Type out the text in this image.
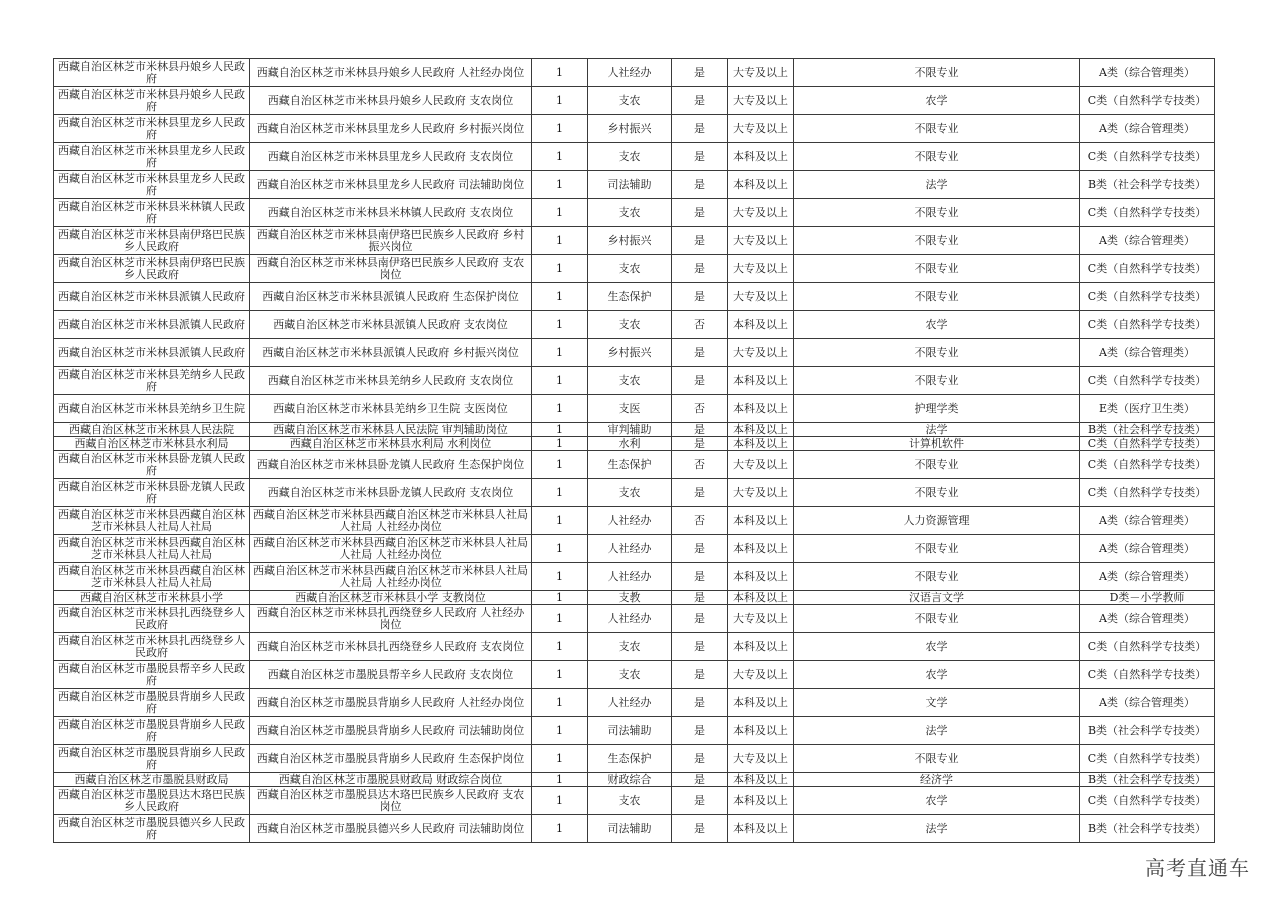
西藏自治区林芝市米林县丹娘乡人民政府	西藏自治区林芝市米林县丹娘乡人民政府 人社经办岗位	1	人社经办	是	大专及以上	不限专业	A类（综合管理类）
西藏自治区林芝市米林县丹娘乡人民政府	西藏自治区林芝市米林县丹娘乡人民政府 支农岗位	1	支农	是	大专及以上	农学	C类（自然科学专技类）
西藏自治区林芝市米林县里龙乡人民政府	西藏自治区林芝市米林县里龙乡人民政府 乡村振兴岗位	1	乡村振兴	是	大专及以上	不限专业	A类（综合管理类）
西藏自治区林芝市米林县里龙乡人民政府	西藏自治区林芝市米林县里龙乡人民政府 支农岗位	1	支农	是	本科及以上	不限专业	C类（自然科学专技类）
西藏自治区林芝市米林县里龙乡人民政府	西藏自治区林芝市米林县里龙乡人民政府 司法辅助岗位	1	司法辅助	是	本科及以上	法学	B类（社会科学专技类）
西藏自治区林芝市米林县米林镇人民政府	西藏自治区林芝市米林县米林镇人民政府 支农岗位	1	支农	是	大专及以上	不限专业	C类（自然科学专技类）
西藏自治区林芝市米林县南伊珞巴民族乡人民政府	西藏自治区林芝市米林县南伊珞巴民族乡人民政府 乡村振兴岗位	1	乡村振兴	是	大专及以上	不限专业	A类（综合管理类）
西藏自治区林芝市米林县南伊珞巴民族乡人民政府	西藏自治区林芝市米林县南伊珞巴民族乡人民政府 支农岗位	1	支农	是	大专及以上	不限专业	C类（自然科学专技类）
西藏自治区林芝市米林县派镇人民政府	西藏自治区林芝市米林县派镇人民政府 生态保护岗位	1	生态保护	是	大专及以上	不限专业	C类（自然科学专技类）
西藏自治区林芝市米林县派镇人民政府	西藏自治区林芝市米林县派镇人民政府 支农岗位	1	支农	否	本科及以上	农学	C类（自然科学专技类）
西藏自治区林芝市米林县派镇人民政府	西藏自治区林芝市米林县派镇人民政府 乡村振兴岗位	1	乡村振兴	是	大专及以上	不限专业	A类（综合管理类）
西藏自治区林芝市米林县羌纳乡人民政府	西藏自治区林芝市米林县羌纳乡人民政府 支农岗位	1	支农	是	本科及以上	不限专业	C类（自然科学专技类）
西藏自治区林芝市米林县羌纳乡卫生院	西藏自治区林芝市米林县羌纳乡卫生院 支医岗位	1	支医	否	本科及以上	护理学类	E类（医疗卫生类）
西藏自治区林芝市米林县人民法院	西藏自治区林芝市米林县人民法院 审判辅助岗位	1	审判辅助	是	本科及以上	法学	B类（社会科学专技类）
西藏自治区林芝市米林县水利局	西藏自治区林芝市米林县水利局 水利岗位	1	水利	是	本科及以上	计算机软件	C类（自然科学专技类）
西藏自治区林芝市米林县卧龙镇人民政府	西藏自治区林芝市米林县卧龙镇人民政府 生态保护岗位	1	生态保护	否	大专及以上	不限专业	C类（自然科学专技类）
西藏自治区林芝市米林县卧龙镇人民政府	西藏自治区林芝市米林县卧龙镇人民政府 支农岗位	1	支农	是	大专及以上	不限专业	C类（自然科学专技类）
西藏自治区林芝市米林县西藏自治区林芝市米林县人社局人社局	西藏自治区林芝市米林县西藏自治区林芝市米林县人社局人社局 人社经办岗位	1	人社经办	否	本科及以上	人力资源管理	A类（综合管理类）
西藏自治区林芝市米林县西藏自治区林芝市米林县人社局人社局	西藏自治区林芝市米林县西藏自治区林芝市米林县人社局人社局 人社经办岗位	1	人社经办	是	本科及以上	不限专业	A类（综合管理类）
西藏自治区林芝市米林县西藏自治区林芝市米林县人社局人社局	西藏自治区林芝市米林县西藏自治区林芝市米林县人社局人社局 人社经办岗位	1	人社经办	是	本科及以上	不限专业	A类（综合管理类）
西藏自治区林芝市米林县小学	西藏自治区林芝市米林县小学 支教岗位	1	支教	是	本科及以上	汉语言文学	D类－小学教师
西藏自治区林芝市米林县扎西绕登乡人民政府	西藏自治区林芝市米林县扎西绕登乡人民政府 人社经办岗位	1	人社经办	是	大专及以上	不限专业	A类（综合管理类）
西藏自治区林芝市米林县扎西绕登乡人民政府	西藏自治区林芝市米林县扎西绕登乡人民政府 支农岗位	1	支农	是	本科及以上	农学	C类（自然科学专技类）
西藏自治区林芝市墨脱县帮辛乡人民政府	西藏自治区林芝市墨脱县帮辛乡人民政府 支农岗位	1	支农	是	大专及以上	农学	C类（自然科学专技类）
西藏自治区林芝市墨脱县背崩乡人民政府	西藏自治区林芝市墨脱县背崩乡人民政府 人社经办岗位	1	人社经办	是	本科及以上	文学	A类（综合管理类）
西藏自治区林芝市墨脱县背崩乡人民政府	西藏自治区林芝市墨脱县背崩乡人民政府 司法辅助岗位	1	司法辅助	是	本科及以上	法学	B类（社会科学专技类）
西藏自治区林芝市墨脱县背崩乡人民政府	西藏自治区林芝市墨脱县背崩乡人民政府 生态保护岗位	1	生态保护	是	大专及以上	不限专业	C类（自然科学专技类）
西藏自治区林芝市墨脱县财政局	西藏自治区林芝市墨脱县财政局 财政综合岗位	1	财政综合	是	本科及以上	经济学	B类（社会科学专技类）
西藏自治区林芝市墨脱县达木珞巴民族乡人民政府	西藏自治区林芝市墨脱县达木珞巴民族乡人民政府 支农岗位	1	支农	是	本科及以上	农学	C类（自然科学专技类）
西藏自治区林芝市墨脱县德兴乡人民政府	西藏自治区林芝市墨脱县德兴乡人民政府 司法辅助岗位	1	司法辅助	是	本科及以上	法学	B类（社会科学专技类）
高考直通车
